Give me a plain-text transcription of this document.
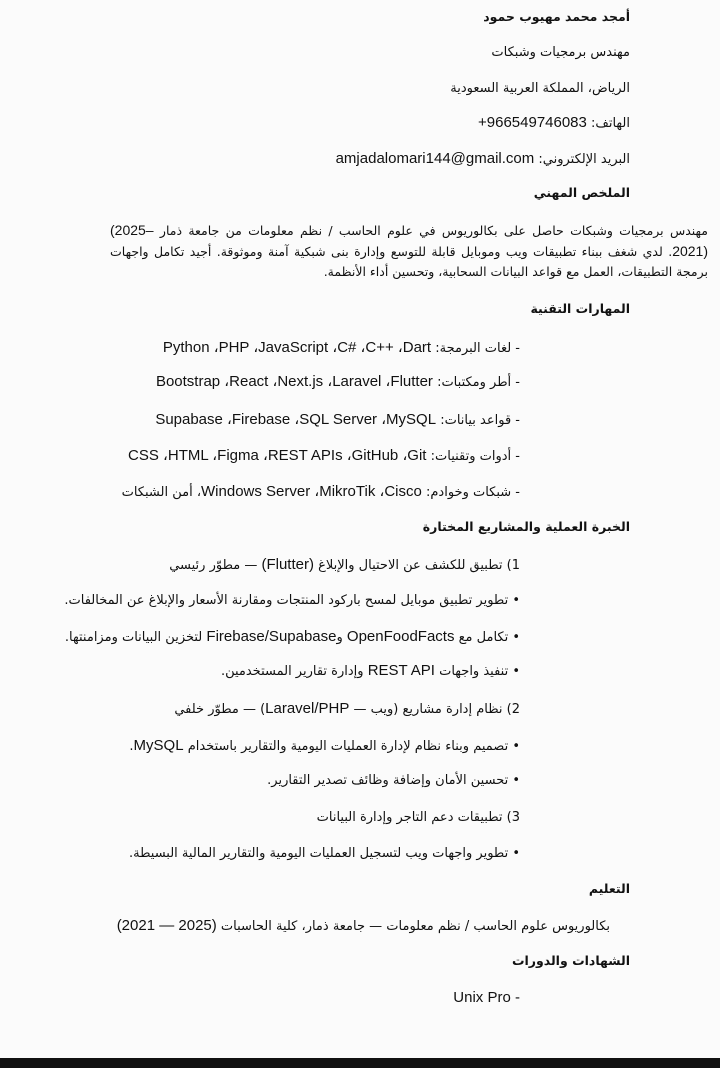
أمجد محمد مهيوب حمود
مهندس برمجيات وشبكات
الرياض، المملكة العربية السعودية
الهاتف: +966549746083
البريد الإلكتروني: amjadalomari144@gmail.com
الملخص المهني
مهندس برمجيات وشبكات حاصل على بكالوريوس في علوم الحاسب / نظم معلومات من جامعة ذمار (2025–2021). لدي شغف ببناء تطبيقات ويب وموبايل قابلة للتوسع وإدارة بنى شبكية آمنة وموثوقة. أجيد تكامل واجهات برمجة التطبيقات، العمل مع قواعد البيانات السحابية، وتحسين أداء الأنظمة.
المهارات التقنية
- لغات البرمجة: Python ،PHP ،JavaScript ،C# ،C++ ،Dart
- أطر ومكتبات: Bootstrap ،React ،Next.js ،Laravel ،Flutter
- قواعد بيانات: Supabase ،Firebase ،SQL Server ،MySQL
- أدوات وتقنيات: CSS ،HTML ،Figma ،REST APIs ،GitHub ،Git
- شبكات وخوادم: Windows Server ،MikroTik ،Cisco، أمن الشبكات
الخبرة العملية والمشاريع المختارة
1) تطبيق للكشف عن الاحتيال والإبلاغ (Flutter) — مطوّر رئيسي
• تطوير تطبيق موبايل لمسح باركود المنتجات ومقارنة الأسعار والإبلاغ عن المخالفات.
• تكامل مع OpenFoodFacts وFirebase/Supabase لتخزين البيانات ومزامنتها.
• تنفيذ واجهات REST API وإدارة تقارير المستخدمين.
2) نظام إدارة مشاريع (ويب — Laravel/PHP) — مطوّر خلفي
• تصميم وبناء نظام لإدارة العمليات اليومية والتقارير باستخدام MySQL.
• تحسين الأمان وإضافة وظائف تصدير التقارير.
3) تطبيقات دعم التاجر وإدارة البيانات
• تطوير واجهات ويب لتسجيل العمليات اليومية والتقارير المالية البسيطة.
التعليم
بكالوريوس علوم الحاسب / نظم معلومات — جامعة ذمار، كلية الحاسبات (2021 — 2025)
الشهادات والدورات
- Unix Pro
